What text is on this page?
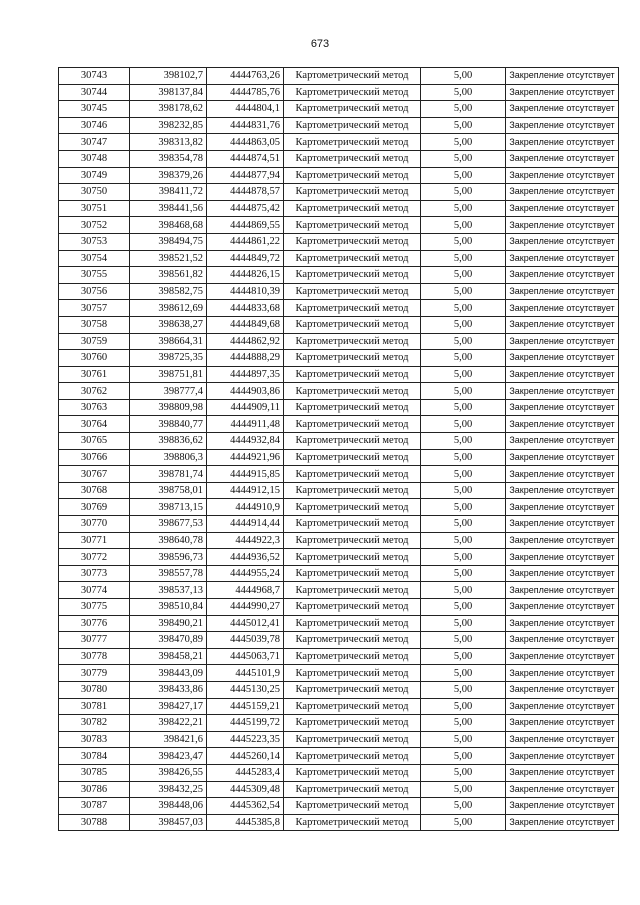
673
30743	398102,7	4444763,26	Картометрический метод	5,00	Закрепление отсутствует
30744	398137,84	4444785,76	Картометрический метод	5,00	Закрепление отсутствует
30745	398178,62	4444804,1	Картометрический метод	5,00	Закрепление отсутствует
30746	398232,85	4444831,76	Картометрический метод	5,00	Закрепление отсутствует
30747	398313,82	4444863,05	Картометрический метод	5,00	Закрепление отсутствует
30748	398354,78	4444874,51	Картометрический метод	5,00	Закрепление отсутствует
30749	398379,26	4444877,94	Картометрический метод	5,00	Закрепление отсутствует
30750	398411,72	4444878,57	Картометрический метод	5,00	Закрепление отсутствует
30751	398441,56	4444875,42	Картометрический метод	5,00	Закрепление отсутствует
30752	398468,68	4444869,55	Картометрический метод	5,00	Закрепление отсутствует
30753	398494,75	4444861,22	Картометрический метод	5,00	Закрепление отсутствует
30754	398521,52	4444849,72	Картометрический метод	5,00	Закрепление отсутствует
30755	398561,82	4444826,15	Картометрический метод	5,00	Закрепление отсутствует
30756	398582,75	4444810,39	Картометрический метод	5,00	Закрепление отсутствует
30757	398612,69	4444833,68	Картометрический метод	5,00	Закрепление отсутствует
30758	398638,27	4444849,68	Картометрический метод	5,00	Закрепление отсутствует
30759	398664,31	4444862,92	Картометрический метод	5,00	Закрепление отсутствует
30760	398725,35	4444888,29	Картометрический метод	5,00	Закрепление отсутствует
30761	398751,81	4444897,35	Картометрический метод	5,00	Закрепление отсутствует
30762	398777,4	4444903,86	Картометрический метод	5,00	Закрепление отсутствует
30763	398809,98	4444909,11	Картометрический метод	5,00	Закрепление отсутствует
30764	398840,77	4444911,48	Картометрический метод	5,00	Закрепление отсутствует
30765	398836,62	4444932,84	Картометрический метод	5,00	Закрепление отсутствует
30766	398806,3	4444921,96	Картометрический метод	5,00	Закрепление отсутствует
30767	398781,74	4444915,85	Картометрический метод	5,00	Закрепление отсутствует
30768	398758,01	4444912,15	Картометрический метод	5,00	Закрепление отсутствует
30769	398713,15	4444910,9	Картометрический метод	5,00	Закрепление отсутствует
30770	398677,53	4444914,44	Картометрический метод	5,00	Закрепление отсутствует
30771	398640,78	4444922,3	Картометрический метод	5,00	Закрепление отсутствует
30772	398596,73	4444936,52	Картометрический метод	5,00	Закрепление отсутствует
30773	398557,78	4444955,24	Картометрический метод	5,00	Закрепление отсутствует
30774	398537,13	4444968,7	Картометрический метод	5,00	Закрепление отсутствует
30775	398510,84	4444990,27	Картометрический метод	5,00	Закрепление отсутствует
30776	398490,21	4445012,41	Картометрический метод	5,00	Закрепление отсутствует
30777	398470,89	4445039,78	Картометрический метод	5,00	Закрепление отсутствует
30778	398458,21	4445063,71	Картометрический метод	5,00	Закрепление отсутствует
30779	398443,09	4445101,9	Картометрический метод	5,00	Закрепление отсутствует
30780	398433,86	4445130,25	Картометрический метод	5,00	Закрепление отсутствует
30781	398427,17	4445159,21	Картометрический метод	5,00	Закрепление отсутствует
30782	398422,21	4445199,72	Картометрический метод	5,00	Закрепление отсутствует
30783	398421,6	4445223,35	Картометрический метод	5,00	Закрепление отсутствует
30784	398423,47	4445260,14	Картометрический метод	5,00	Закрепление отсутствует
30785	398426,55	4445283,4	Картометрический метод	5,00	Закрепление отсутствует
30786	398432,25	4445309,48	Картометрический метод	5,00	Закрепление отсутствует
30787	398448,06	4445362,54	Картометрический метод	5,00	Закрепление отсутствует
30788	398457,03	4445385,8	Картометрический метод	5,00	Закрепление отсутствует
